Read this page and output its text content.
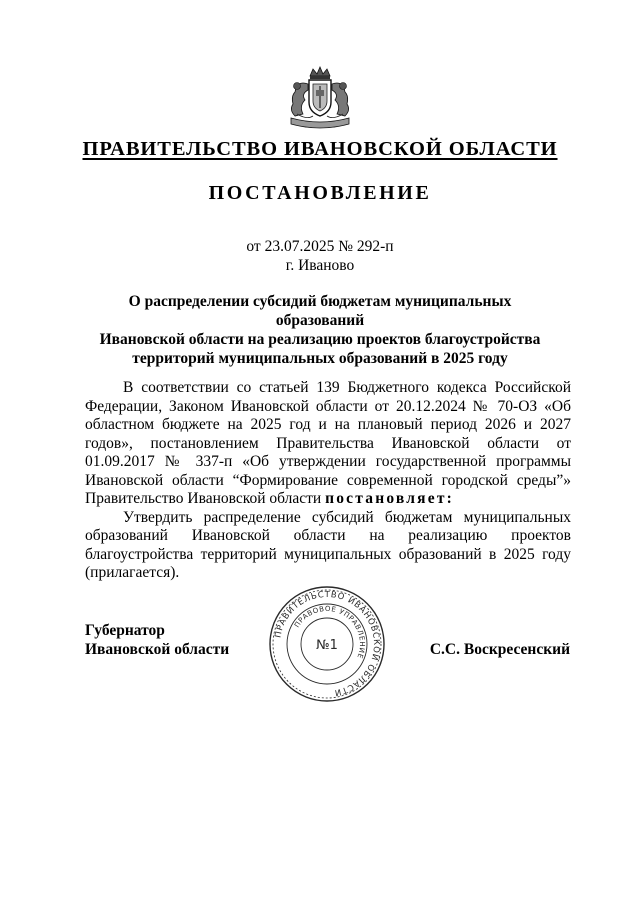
ПРАВИТЕЛЬСТВО ИВАНОВСКОЙ ОБЛАСТИ
ПОСТАНОВЛЕНИЕ
от 23.07.2025 № 292-п
г. Иваново
О распределении субсидий бюджетам муниципальных образований
Ивановской области на реализацию проектов благоустройства
территорий муниципальных образований в 2025 году

В соответствии со статьей 139 Бюджетного кодекса Российской Федерации, Законом Ивановской области от 20.12.2024 № 70-ОЗ «Об областном бюджете на 2025 год и на плановый период 2026 и 2027 годов», постановлением Правительства Ивановской области от 01.09.2017 № 337-п «Об утверждении государственной программы Ивановской области “Формирование современной городской среды”» Правительство Ивановской области постановляет:

Утвердить распределение субсидий бюджетам муниципальных образований Ивановской области на реализацию проектов благоустройства территорий муниципальных образований в 2025 году (прилагается).

Губернатор
Ивановской области
ПРАВИТЕЛЬСТВО ИВАНОВСКОЙ ОБЛАСТИ
ПРАВОВОЕ УПРАВЛЕНИЕ
№1	С.С. Воскресенский
